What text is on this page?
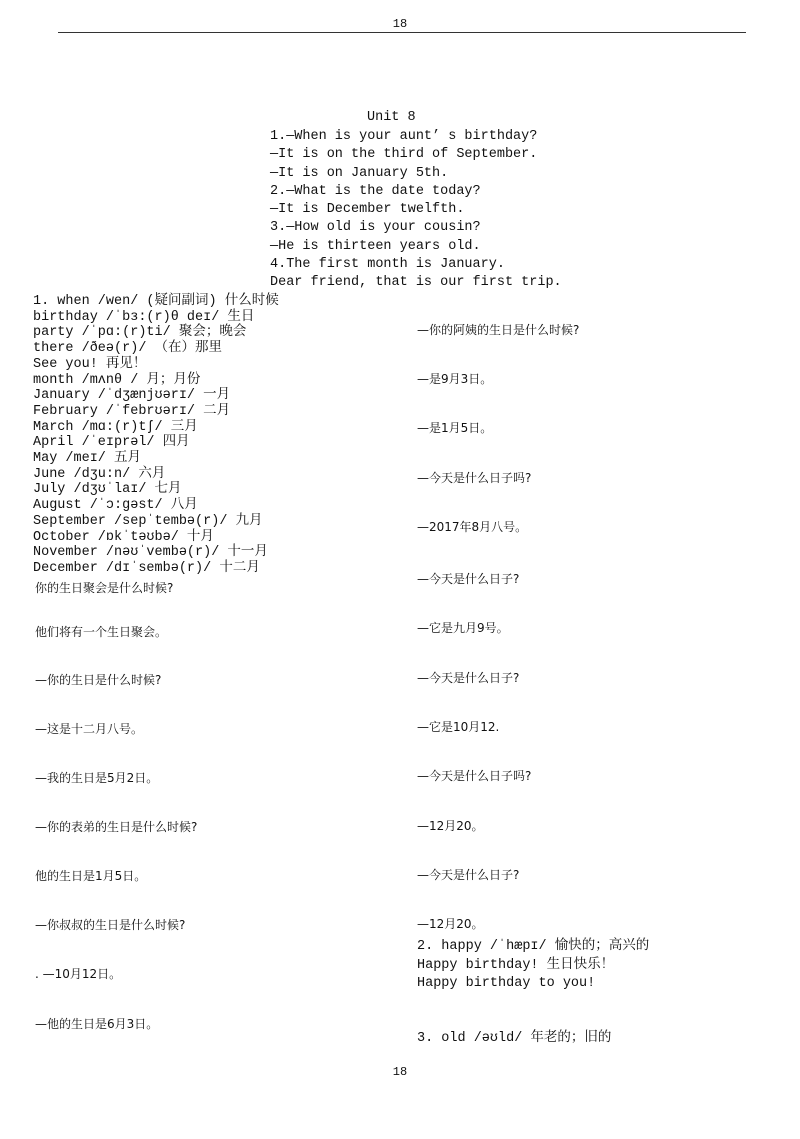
18
Unit 8
1.—When is your aunt’ s birthday?
—It is on the third of September.
—It is on January 5th.
2.—What is the date today?
—It is December twelfth.
3.—How old is your cousin?
—He is thirteen years old.
4.The first month is January.
Dear friend, that is our first trip.
1. when /wen/ (疑问副词) 什么时候
birthday /ˈbɜ:(r)θ deɪ/ 生日
party /ˈpɑ:(r)ti/ 聚会；晚会
there /ðeə(r)/ （在）那里
See you! 再见！
month /mʌnθ / 月；月份
January /ˈdʒænjʊərɪ/ 一月
February /ˈfebrʊərɪ/ 二月
March /mɑ:(r)tʃ/ 三月
April /ˈeɪprəl/ 四月
May /meɪ/ 五月
June /dʒu:n/ 六月
July /dʒʊˈlaɪ/ 七月
August /ˈɔ:gəst/ 八月
September /sepˈtembə(r)/ 九月
October /ɒkˈtəʊbə/ 十月
November /nəʊˈvembə(r)/ 十一月
December /dɪˈsembə(r)/ 十二月
你的生日聚会是什么时候?
他们将有一个生日聚会。
—你的生日是什么时候?
—这是十二月八号。
—我的生日是5月2日。
—你的表弟的生日是什么时候?
他的生日是1月5日。
—你叔叔的生日是什么时候?
. —10月12日。
—他的生日是6月3日。
—你的阿姨的生日是什么时候?
—是9月3日。
—是1月5日。
—今天是什么日子吗?
—2017年8月八号。
—今天是什么日子?
—它是九月9号。
—今天是什么日子?
—它是10月12.
—今天是什么日子吗?
—12月20。
—今天是什么日子?
—12月20。
2. happy /ˈhæpɪ/ 愉快的；高兴的
Happy birthday! 生日快乐！
Happy birthday to you!
3. old /əʊld/ 年老的；旧的
18
